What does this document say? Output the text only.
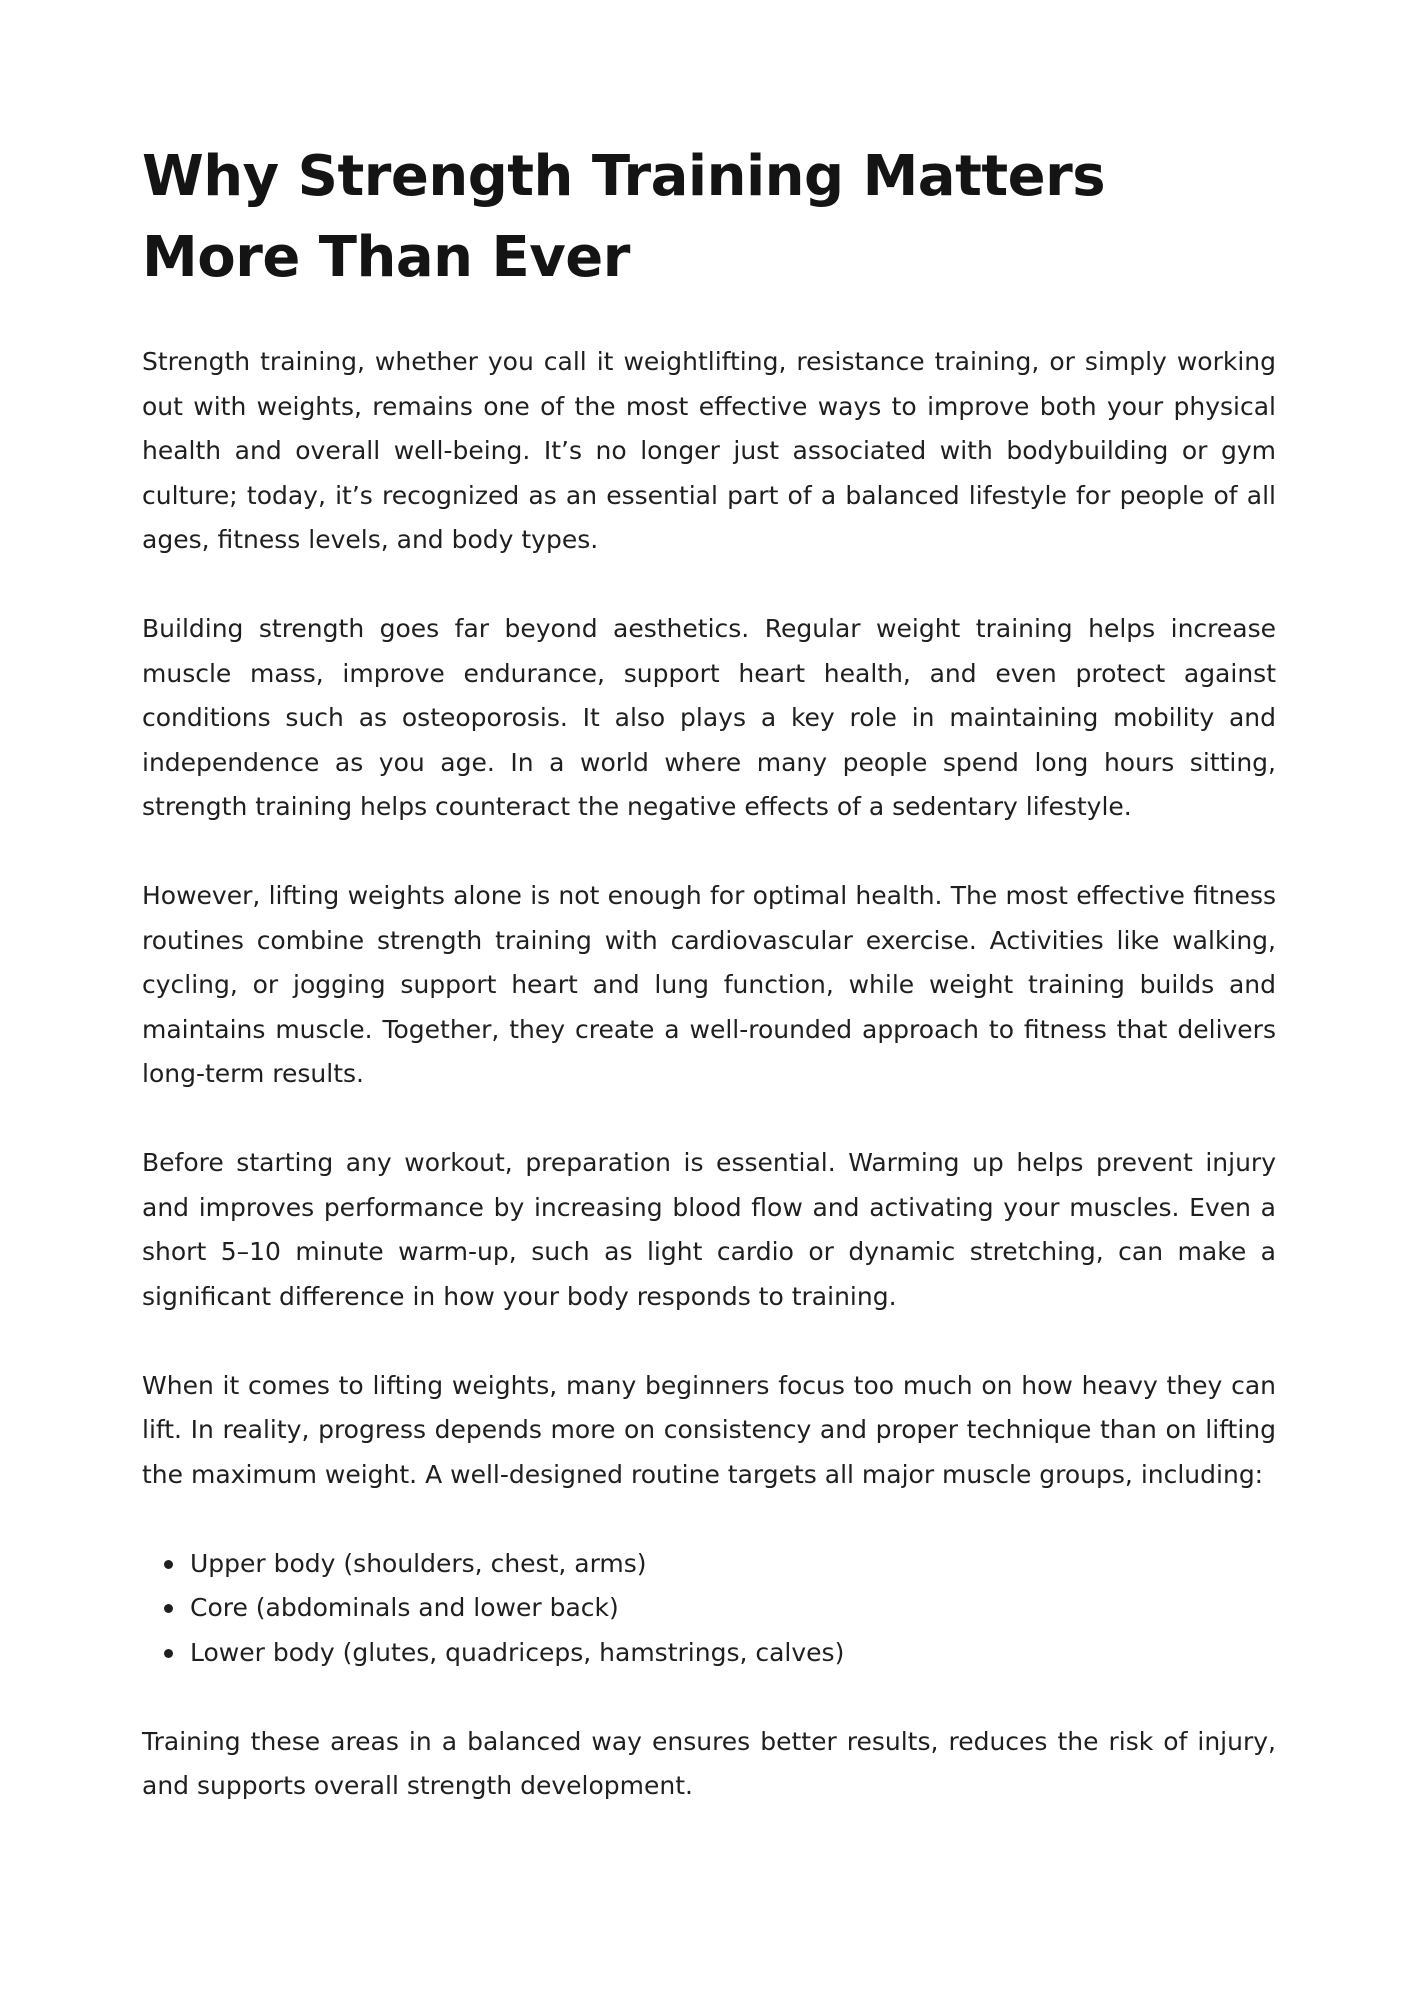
Why Strength Training Matters More Than Ever

Strength training, whether you call it weightlifting, resistance training, or simply working out with weights, remains one of the most effective ways to improve both your physical health and overall well-being. It’s no longer just associated with bodybuilding or gym culture; today, it’s recognized as an essential part of a balanced lifestyle for people of all ages, fitness levels, and body types.

Building strength goes far beyond aesthetics. Regular weight training helps increase muscle mass, improve endurance, support heart health, and even protect against conditions such as osteoporosis. It also plays a key role in maintaining mobility and independence as you age. In a world where many people spend long hours sitting, strength training helps counteract the negative effects of a sedentary lifestyle.

However, lifting weights alone is not enough for optimal health. The most effective fitness routines combine strength training with cardiovascular exercise. Activities like walking, cycling, or jogging support heart and lung function, while weight training builds and maintains muscle. Together, they create a well-rounded approach to fitness that delivers long-term results.

Before starting any workout, preparation is essential. Warming up helps prevent injury and improves performance by increasing blood flow and activating your muscles. Even a short 5–10 minute warm-up, such as light cardio or dynamic stretching, can make a significant difference in how your body responds to training.

When it comes to lifting weights, many beginners focus too much on how heavy they can lift. In reality, progress depends more on consistency and proper technique than on lifting the maximum weight. A well-designed routine targets all major muscle groups, including:

Upper body (shoulders, chest, arms)
Core (abdominals and lower back)
Lower body (glutes, quadriceps, hamstrings, calves)

Training these areas in a balanced way ensures better results, reduces the risk of injury, and supports overall strength development.
